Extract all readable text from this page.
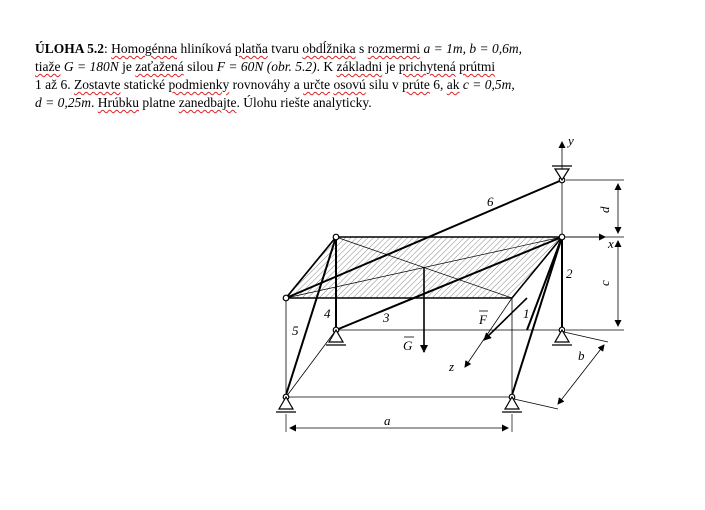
ÚLOHA 5.2: Homogénna hliníková platňa tvaru obdĺžnika s rozmermi a = 1m, b = 0,6m,
tiaže G = 180N je zaťažená silou F = 60N (obr. 5.2). K základni je prichytená prútmi
1 až 6. Zostavte statické podmienky rovnováhy a určte osovú silu v prúte 6, ak c = 0,5m,
d = 0,25m. Hrúbku platne zanedbajte. Úlohu riešte analyticky.
y
x
z
d
c
b
a
F
G
6
2
1
3
4
5
